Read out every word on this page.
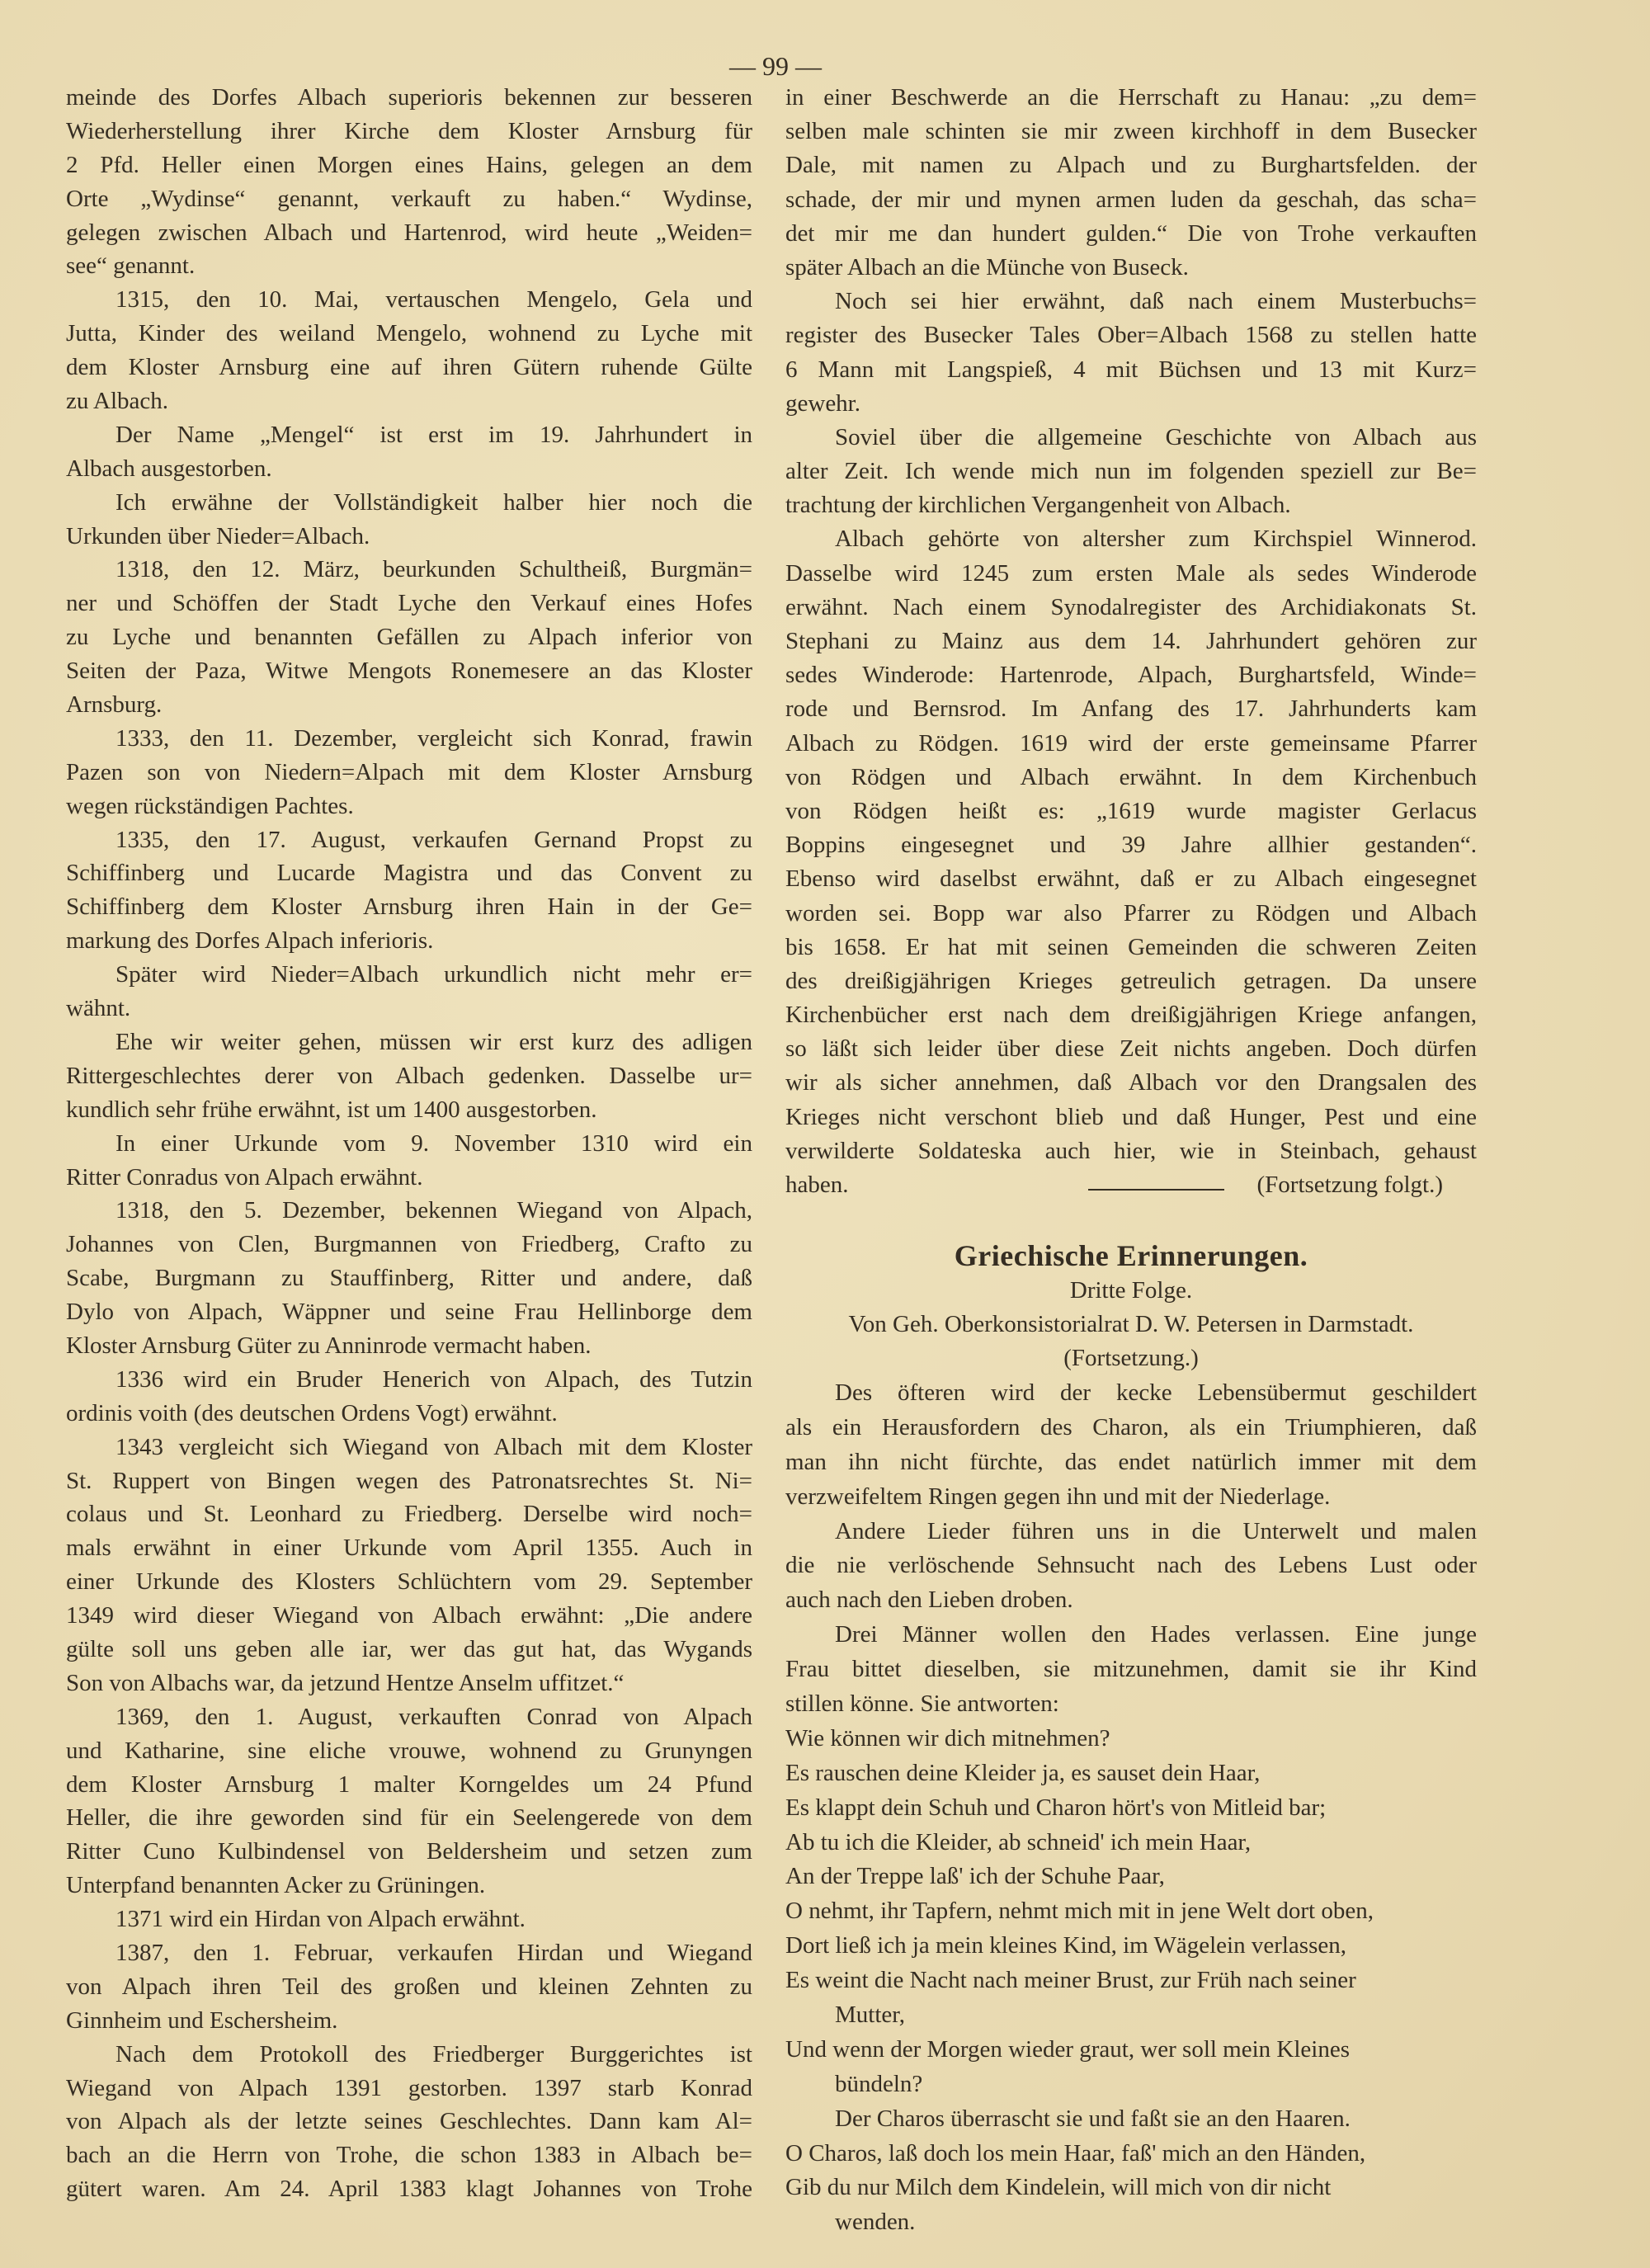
— 99 —
meinde des Dorfes Albach superioris bekennen zur besseren
Wiederherstellung ihrer Kirche dem Kloster Arnsburg für
2 Pfd. Heller einen Morgen eines Hains, gelegen an dem
Orte „Wydinse“ genannt, verkauft zu haben.“ Wydinse,
gelegen zwischen Albach und Hartenrod, wird heute „Weiden=
see“ genannt.
1315, den 10. Mai, vertauschen Mengelo, Gela und
Jutta, Kinder des weiland Mengelo, wohnend zu Lyche mit
dem Kloster Arnsburg eine auf ihren Gütern ruhende Gülte
zu Albach.
Der Name „Mengel“ ist erst im 19. Jahrhundert in
Albach ausgestorben.
Ich erwähne der Vollständigkeit halber hier noch die
Urkunden über Nieder=Albach.
1318, den 12. März, beurkunden Schultheiß, Burgmän=
ner und Schöffen der Stadt Lyche den Verkauf eines Hofes
zu Lyche und benannten Gefällen zu Alpach inferior von
Seiten der Paza, Witwe Mengots Ronemesere an das Kloster
Arnsburg.
1333, den 11. Dezember, vergleicht sich Konrad, frawin
Pazen son von Niedern=Alpach mit dem Kloster Arnsburg
wegen rückständigen Pachtes.
1335, den 17. August, verkaufen Gernand Propst zu
Schiffinberg und Lucarde Magistra und das Convent zu
Schiffinberg dem Kloster Arnsburg ihren Hain in der Ge=
markung des Dorfes Alpach inferioris.
Später wird Nieder=Albach urkundlich nicht mehr er=
wähnt.
Ehe wir weiter gehen, müssen wir erst kurz des adligen
Rittergeschlechtes derer von Albach gedenken. Dasselbe ur=
kundlich sehr frühe erwähnt, ist um 1400 ausgestorben.
In einer Urkunde vom 9. November 1310 wird ein
Ritter Conradus von Alpach erwähnt.
1318, den 5. Dezember, bekennen Wiegand von Alpach,
Johannes von Clen, Burgmannen von Friedberg, Crafto zu
Scabe, Burgmann zu Stauffinberg, Ritter und andere, daß
Dylo von Alpach, Wäppner und seine Frau Hellinborge dem
Kloster Arnsburg Güter zu Anninrode vermacht haben.
1336 wird ein Bruder Henerich von Alpach, des Tutzin
ordinis voith (des deutschen Ordens Vogt) erwähnt.
1343 vergleicht sich Wiegand von Albach mit dem Kloster
St. Ruppert von Bingen wegen des Patronatsrechtes St. Ni=
colaus und St. Leonhard zu Friedberg. Derselbe wird noch=
mals erwähnt in einer Urkunde vom April 1355. Auch in
einer Urkunde des Klosters Schlüchtern vom 29. September
1349 wird dieser Wiegand von Albach erwähnt: „Die andere
gülte soll uns geben alle iar, wer das gut hat, das Wygands
Son von Albachs war, da jetzund Hentze Anselm uffitzet.“
1369, den 1. August, verkauften Conrad von Alpach
und Katharine, sine eliche vrouwe, wohnend zu Grunyngen
dem Kloster Arnsburg 1 malter Korngeldes um 24 Pfund
Heller, die ihre geworden sind für ein Seelengerede von dem
Ritter Cuno Kulbindensel von Beldersheim und setzen zum
Unterpfand benannten Acker zu Grüningen.
1371 wird ein Hirdan von Alpach erwähnt.
1387, den 1. Februar, verkaufen Hirdan und Wiegand
von Alpach ihren Teil des großen und kleinen Zehnten zu
Ginnheim und Eschersheim.
Nach dem Protokoll des Friedberger Burggerichtes ist
Wiegand von Alpach 1391 gestorben. 1397 starb Konrad
von Alpach als der letzte seines Geschlechtes. Dann kam Al=
bach an die Herrn von Trohe, die schon 1383 in Albach be=
gütert waren. Am 24. April 1383 klagt Johannes von Trohe
in einer Beschwerde an die Herrschaft zu Hanau: „zu dem=
selben male schinten sie mir zween kirchhoff in dem Busecker
Dale, mit namen zu Alpach und zu Burghartsfelden. der
schade, der mir und mynen armen luden da geschah, das scha=
det mir me dan hundert gulden.“ Die von Trohe verkauften
später Albach an die Münche von Buseck.
Noch sei hier erwähnt, daß nach einem Musterbuchs=
register des Busecker Tales Ober=Albach 1568 zu stellen hatte
6 Mann mit Langspieß, 4 mit Büchsen und 13 mit Kurz=
gewehr.
Soviel über die allgemeine Geschichte von Albach aus
alter Zeit. Ich wende mich nun im folgenden speziell zur Be=
trachtung der kirchlichen Vergangenheit von Albach.
Albach gehörte von altersher zum Kirchspiel Winnerod.
Dasselbe wird 1245 zum ersten Male als sedes Winderode
erwähnt. Nach einem Synodalregister des Archidiakonats St.
Stephani zu Mainz aus dem 14. Jahrhundert gehören zur
sedes Winderode: Hartenrode, Alpach, Burghartsfeld, Winde=
rode und Bernsrod. Im Anfang des 17. Jahrhunderts kam
Albach zu Rödgen. 1619 wird der erste gemeinsame Pfarrer
von Rödgen und Albach erwähnt. In dem Kirchenbuch
von Rödgen heißt es: „1619 wurde magister Gerlacus
Boppins eingesegnet und 39 Jahre allhier gestanden“.
Ebenso wird daselbst erwähnt, daß er zu Albach eingesegnet
worden sei. Bopp war also Pfarrer zu Rödgen und Albach
bis 1658. Er hat mit seinen Gemeinden die schweren Zeiten
des dreißigjährigen Krieges getreulich getragen. Da unsere
Kirchenbücher erst nach dem dreißigjährigen Kriege anfangen,
so läßt sich leider über diese Zeit nichts angeben. Doch dürfen
wir als sicher annehmen, daß Albach vor den Drangsalen des
Krieges nicht verschont blieb und daß Hunger, Pest und eine
verwilderte Soldateska auch hier, wie in Steinbach, gehaust
haben.	(Fortsetzung folgt.)
Griechische Erinnerungen.
Dritte Folge.
Von Geh. Oberkonsistorialrat D. W. Petersen in Darmstadt.
(Fortsetzung.)
Des öfteren wird der kecke Lebensübermut geschildert
als ein Herausfordern des Charon, als ein Triumphieren, daß
man ihn nicht fürchte, das endet natürlich immer mit dem
verzweifeltem Ringen gegen ihn und mit der Niederlage.
Andere Lieder führen uns in die Unterwelt und malen
die nie verlöschende Sehnsucht nach des Lebens Lust oder
auch nach den Lieben droben.
Drei Männer wollen den Hades verlassen. Eine junge
Frau bittet dieselben, sie mitzunehmen, damit sie ihr Kind
stillen könne. Sie antworten:
Wie können wir dich mitnehmen?
Es rauschen deine Kleider ja, es sauset dein Haar,
Es klappt dein Schuh und Charon hört's von Mitleid bar;
Ab tu ich die Kleider, ab schneid' ich mein Haar,
An der Treppe laß' ich der Schuhe Paar,
O nehmt, ihr Tapfern, nehmt mich mit in jene Welt dort oben,
Dort ließ ich ja mein kleines Kind, im Wägelein verlassen,
Es weint die Nacht nach meiner Brust, zur Früh nach seiner
Mutter,
Und wenn der Morgen wieder graut, wer soll mein Kleines
bündeln?
Der Charos überrascht sie und faßt sie an den Haaren.
O Charos, laß doch los mein Haar, faß' mich an den Händen,
Gib du nur Milch dem Kindelein, will mich von dir nicht
wenden.
